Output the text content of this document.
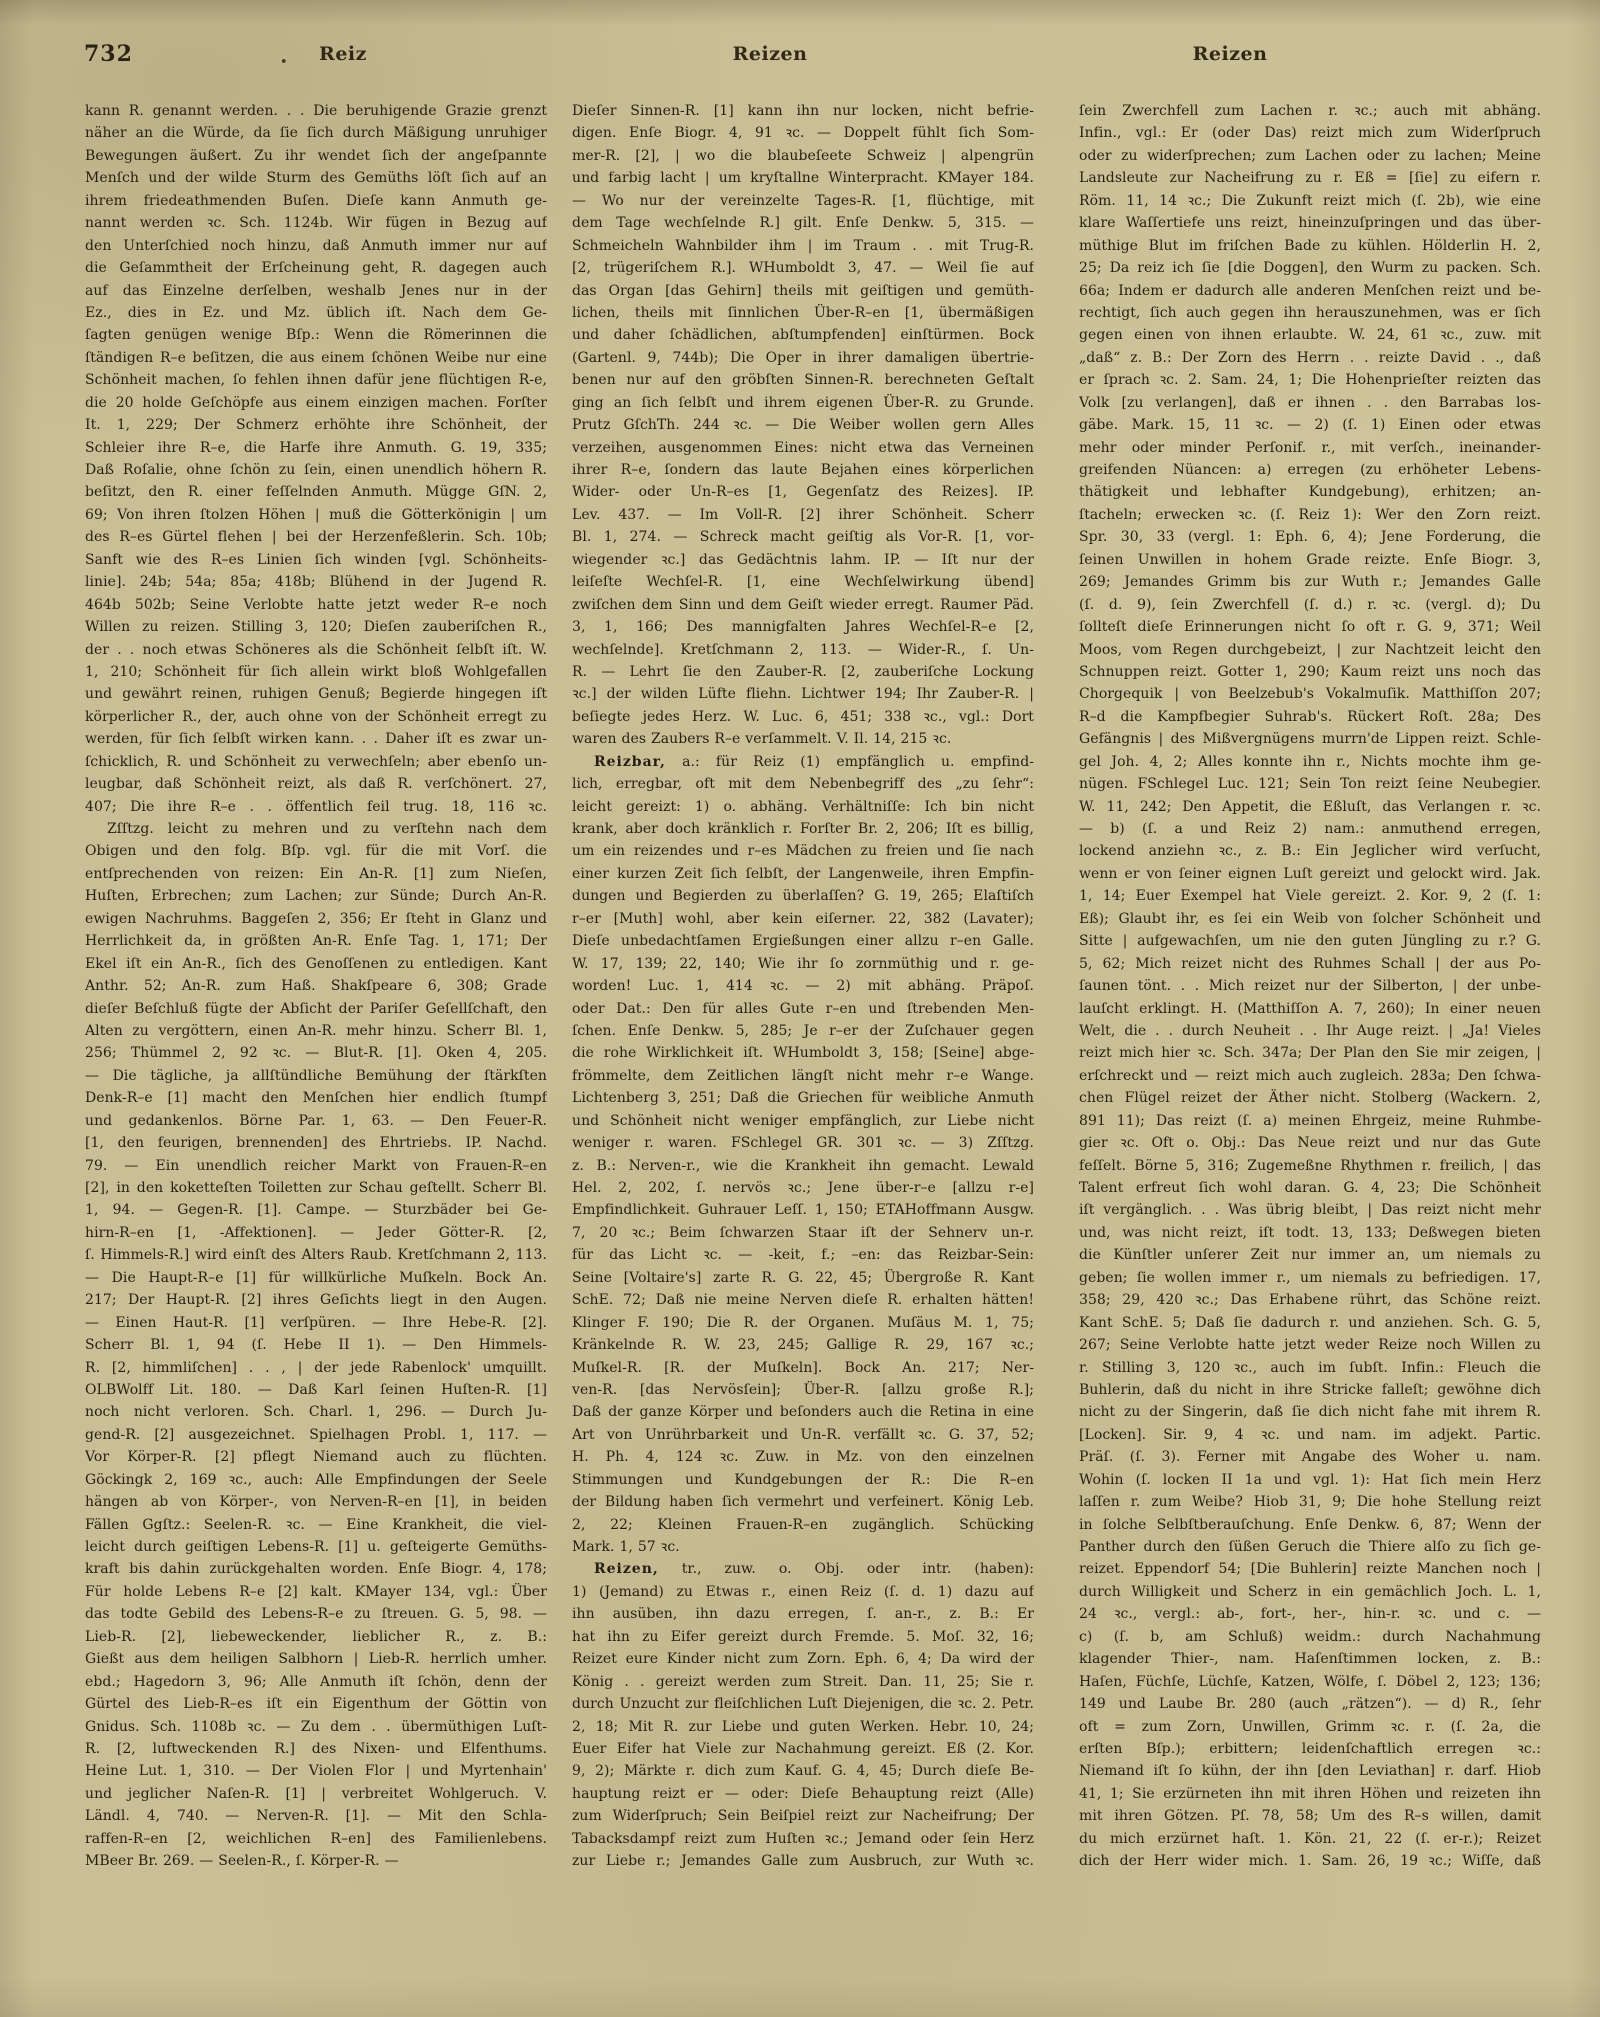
732	• Reiz	Reizen	Reizen
kann R. genannt werden. . . Die beruhigende Grazie grenzt
näher an die Würde, da ſie ſich durch Mäßigung unruhiger
Bewegungen äußert. Zu ihr wendet ſich der angeſpannte
Menſch und der wilde Sturm des Gemüths löſt ſich auf an
ihrem friedeathmenden Buſen. Dieſe kann Anmuth ge-
nannt werden ꝛc. Sch. 1124b. Wir fügen in Bezug auf
den Unterſchied noch hinzu, daß Anmuth immer nur auf
die Geſammtheit der Erſcheinung geht, R. dagegen auch
auf das Einzelne derſelben, weshalb Jenes nur in der
Ez., dies in Ez. und Mz. üblich iſt. Nach dem Ge-
ſagten genügen wenige Bſp.: Wenn die Römerinnen die
ſtändigen R–e beſitzen, die aus einem ſchönen Weibe nur eine
Schönheit machen, ſo fehlen ihnen dafür jene flüchtigen R-e,
die 20 holde Geſchöpfe aus einem einzigen machen. Forſter
It. 1, 229; Der Schmerz erhöhte ihre Schönheit, der
Schleier ihre R–e, die Harfe ihre Anmuth. G. 19, 335;
Daß Roſalie, ohne ſchön zu ſein, einen unendlich höhern R.
beſitzt, den R. einer feſſelnden Anmuth. Mügge GſN. 2,
69; Von ihren ſtolzen Höhen | muß die Götterkönigin | um
des R–es Gürtel flehen | bei der Herzenfeßlerin. Sch. 10b;
Sanft wie des R–es Linien ſich winden [vgl. Schönheits-
linie]. 24b; 54a; 85a; 418b; Blühend in der Jugend R.
464b 502b; Seine Verlobte hatte jetzt weder R–e noch
Willen zu reizen. Stilling 3, 120; Dieſen zauberiſchen R.,
der . . noch etwas Schöneres als die Schönheit ſelbſt iſt. W.
1, 210; Schönheit für ſich allein wirkt bloß Wohlgefallen
und gewährt reinen, ruhigen Genuß; Begierde hingegen iſt
körperlicher R., der, auch ohne von der Schönheit erregt zu
werden, für ſich ſelbſt wirken kann. . . Daher iſt es zwar un-
ſchicklich, R. und Schönheit zu verwechſeln; aber ebenſo un-
leugbar, daß Schönheit reizt, als daß R. verſchönert. 27,
407; Die ihre R–e . . öffentlich feil trug. 18, 116 ꝛc.
Zſſtzg. leicht zu mehren und zu verſtehn nach dem
Obigen und den folg. Bſp. vgl. für die mit Vorſ. die
entſprechenden von reizen: Ein An-R. [1] zum Nieſen,
Huſten, Erbrechen; zum Lachen; zur Sünde; Durch An-R.
ewigen Nachruhms. Baggeſen 2, 356; Er ſteht in Glanz und
Herrlichkeit da, in größten An-R. Enſe Tag. 1, 171; Der
Ekel iſt ein An-R., ſich des Genoſſenen zu entledigen. Kant
Anthr. 52; An-R. zum Haß. Shakſpeare 6, 308; Grade
dieſer Beſchluß fügte der Abſicht der Pariſer Geſellſchaft, den
Alten zu vergöttern, einen An-R. mehr hinzu. Scherr Bl. 1,
256; Thümmel 2, 92 ꝛc. — Blut-R. [1]. Oken 4, 205.
— Die tägliche, ja allſtündliche Bemühung der ſtärkſten
Denk-R–e [1] macht den Menſchen hier endlich ſtumpf
und gedankenlos. Börne Par. 1, 63. — Den Feuer-R.
[1, den feurigen, brennenden] des Ehrtriebs. IP. Nachd.
79. — Ein unendlich reicher Markt von Frauen-R–en
[2], in den koketteſten Toiletten zur Schau geſtellt. Scherr Bl.
1, 94. — Gegen-R. [1]. Campe. — Sturzbäder bei Ge-
hirn-R–en [1, -Affektionen]. — Jeder Götter-R. [2,
ſ. Himmels-R.] wird einſt des Alters Raub. Kretſchmann 2, 113.
— Die Haupt-R–e [1] für willkürliche Muſkeln. Bock An.
217; Der Haupt-R. [2] ihres Geſichts liegt in den Augen.
— Einen Haut-R. [1] verſpüren. — Ihre Hebe-R. [2].
Scherr Bl. 1, 94 (ſ. Hebe II 1). — Den Himmels-
R. [2, himmliſchen] . . , | der jede Rabenlock' umquillt.
OLBWolff Lit. 180. — Daß Karl ſeinen Huſten-R. [1]
noch nicht verloren. Sch. Charl. 1, 296. — Durch Ju-
gend-R. [2] ausgezeichnet. Spielhagen Probl. 1, 117. —
Vor Körper-R. [2] pflegt Niemand auch zu flüchten.
Göckingk 2, 169 ꝛc., auch: Alle Empfindungen der Seele
hängen ab von Körper-, von Nerven-R–en [1], in beiden
Fällen Ggſtz.: Seelen-R. ꝛc. — Eine Krankheit, die viel-
leicht durch geiſtigen Lebens-R. [1] u. geſteigerte Gemüths-
kraft bis dahin zurückgehalten worden. Enſe Biogr. 4, 178;
Für holde Lebens R–e [2] kalt. KMayer 134, vgl.: Über
das todte Gebild des Lebens-R–e zu ſtreuen. G. 5, 98. —
Lieb-R. [2], liebeweckender, lieblicher R., z. B.:
Gießt aus dem heiligen Salbhorn | Lieb-R. herrlich umher.
ebd.; Hagedorn 3, 96; Alle Anmuth iſt ſchön, denn der
Gürtel des Lieb-R–es iſt ein Eigenthum der Göttin von
Gnidus. Sch. 1108b ꝛc. — Zu dem . . übermüthigen Luſt-
R. [2, luftweckenden R.] des Nixen- und Elfenthums.
Heine Lut. 1, 310. — Der Violen Flor | und Myrtenhain'
und jeglicher Naſen-R. [1] | verbreitet Wohlgeruch. V.
Ländl. 4, 740. — Nerven-R. [1]. — Mit den Schla-
raffen-R–en [2, weichlichen R–en] des Familienlebens.
MBeer Br. 269. — Seelen-R., ſ. Körper-R. —
Dieſer Sinnen-R. [1] kann ihn nur locken, nicht befrie-
digen. Enſe Biogr. 4, 91 ꝛc. — Doppelt fühlt ſich Som-
mer-R. [2], | wo die blaubeſeete Schweiz | alpengrün
und farbig lacht | um kryſtallne Winterpracht. KMayer 184.
— Wo nur der vereinzelte Tages-R. [1, flüchtige, mit
dem Tage wechſelnde R.] gilt. Enſe Denkw. 5, 315. —
Schmeicheln Wahnbilder ihm | im Traum . . mit Trug-R.
[2, trügeriſchem R.]. WHumboldt 3, 47. — Weil ſie auf
das Organ [das Gehirn] theils mit geiſtigen und gemüth-
lichen, theils mit ſinnlichen Über-R–en [1, übermäßigen
und daher ſchädlichen, abſtumpfenden] einſtürmen. Bock
(Gartenl. 9, 744b); Die Oper in ihrer damaligen übertrie-
benen nur auf den gröbſten Sinnen-R. berechneten Geſtalt
ging an ſich ſelbſt und ihrem eigenen Über-R. zu Grunde.
Prutz GſchTh. 244 ꝛc. — Die Weiber wollen gern Alles
verzeihen, ausgenommen Eines: nicht etwa das Verneinen
ihrer R–e, ſondern das laute Bejahen eines körperlichen
Wider- oder Un-R–es [1, Gegenſatz des Reizes]. IP.
Lev. 437. — Im Voll-R. [2] ihrer Schönheit. Scherr
Bl. 1, 274. — Schreck macht geiſtig als Vor-R. [1, vor-
wiegender ꝛc.] das Gedächtnis lahm. IP. — Iſt nur der
leiſeſte Wechſel-R. [1, eine Wechſelwirkung übend]
zwiſchen dem Sinn und dem Geiſt wieder erregt. Raumer Päd.
3, 1, 166; Des mannigfalten Jahres Wechſel-R–e [2,
wechſelnde]. Kretſchmann 2, 113. — Wider-R., ſ. Un-
R. — Lehrt ſie den Zauber-R. [2, zauberiſche Lockung
ꝛc.] der wilden Lüfte fliehn. Lichtwer 194; Ihr Zauber-R. |
beſiegte jedes Herz. W. Luc. 6, 451; 338 ꝛc., vgl.: Dort
waren des Zaubers R–e verſammelt. V. Il. 14, 215 ꝛc.
Reizbar, a.: für Reiz (1) empfänglich u. empfind-
lich, erregbar, oft mit dem Nebenbegriff des „zu ſehr“:
leicht gereizt: 1) o. abhäng. Verhältniſſe: Ich bin nicht
krank, aber doch kränklich r. Forſter Br. 2, 206; Iſt es billig,
um ein reizendes und r–es Mädchen zu freien und ſie nach
einer kurzen Zeit ſich ſelbſt, der Langenweile, ihren Empfin-
dungen und Begierden zu überlaſſen? G. 19, 265; Elaſtiſch
r–er [Muth] wohl, aber kein eiſerner. 22, 382 (Lavater);
Dieſe unbedachtſamen Ergießungen einer allzu r–en Galle.
W. 17, 139; 22, 140; Wie ihr ſo zornmüthig und r. ge-
worden! Luc. 1, 414 ꝛc. — 2) mit abhäng. Präpoſ.
oder Dat.: Den für alles Gute r–en und ſtrebenden Men-
ſchen. Enſe Denkw. 5, 285; Je r–er der Zuſchauer gegen
die rohe Wirklichkeit iſt. WHumboldt 3, 158; [Seine] abge-
frömmelte, dem Zeitlichen längſt nicht mehr r–e Wange.
Lichtenberg 3, 251; Daß die Griechen für weibliche Anmuth
und Schönheit nicht weniger empfänglich, zur Liebe nicht
weniger r. waren. FSchlegel GR. 301 ꝛc. — 3) Zſſtzg.
z. B.: Nerven-r., wie die Krankheit ihn gemacht. Lewald
Hel. 2, 202, ſ. nervös ꝛc.; Jene über-r–e [allzu r-e]
Empfindlichkeit. Guhrauer Leſſ. 1, 150; ETAHoffmann Ausgw.
7, 20 ꝛc.; Beim ſchwarzen Staar iſt der Sehnerv un-r.
für das Licht ꝛc. — -keit, f.; –en: das Reizbar-Sein:
Seine [Voltaire's] zarte R. G. 22, 45; Übergroße R. Kant
SchE. 72; Daß nie meine Nerven dieſe R. erhalten hätten!
Klinger F. 190; Die R. der Organen. Muſäus M. 1, 75;
Kränkelnde R. W. 23, 245; Gallige R. 29, 167 ꝛc.;
Muſkel-R. [R. der Muſkeln]. Bock An. 217; Ner-
ven-R. [das Nervösſein]; Über-R. [allzu große R.];
Daß der ganze Körper und beſonders auch die Retina in eine
Art von Unrührbarkeit und Un-R. verfällt ꝛc. G. 37, 52;
H. Ph. 4, 124 ꝛc. Zuw. in Mz. von den einzelnen
Stimmungen und Kundgebungen der R.: Die R–en
der Bildung haben ſich vermehrt und verfeinert. König Leb.
2, 22; Kleinen Frauen-R–en zugänglich. Schücking
Mark. 1, 57 ꝛc.
Reizen, tr., zuw. o. Obj. oder intr. (haben):
1) (Jemand) zu Etwas r., einen Reiz (ſ. d. 1) dazu auf
ihn ausüben, ihn dazu erregen, ſ. an-r., z. B.: Er
hat ihn zu Eifer gereizt durch Fremde. 5. Moſ. 32, 16;
Reizet eure Kinder nicht zum Zorn. Eph. 6, 4; Da wird der
König . . gereizt werden zum Streit. Dan. 11, 25; Sie r.
durch Unzucht zur fleiſchlichen Luſt Diejenigen, die ꝛc. 2. Petr.
2, 18; Mit R. zur Liebe und guten Werken. Hebr. 10, 24;
Euer Eifer hat Viele zur Nachahmung gereizt. Eß (2. Kor.
9, 2); Märkte r. dich zum Kauf. G. 4, 45; Durch dieſe Be-
hauptung reizt er — oder: Dieſe Behauptung reizt (Alle)
zum Widerſpruch; Sein Beiſpiel reizt zur Nacheifrung; Der
Tabacksdampf reizt zum Huſten ꝛc.; Jemand oder ſein Herz
zur Liebe r.; Jemandes Galle zum Ausbruch, zur Wuth ꝛc.
ſein Zwerchfell zum Lachen r. ꝛc.; auch mit abhäng.
Infin., vgl.: Er (oder Das) reizt mich zum Widerſpruch
oder zu widerſprechen; zum Lachen oder zu lachen; Meine
Landsleute zur Nacheifrung zu r. Eß = [ſie] zu eifern r.
Röm. 11, 14 ꝛc.; Die Zukunft reizt mich (ſ. 2b), wie eine
klare Waſſertiefe uns reizt, hineinzuſpringen und das über-
müthige Blut im friſchen Bade zu kühlen. Hölderlin H. 2,
25; Da reiz ich ſie [die Doggen], den Wurm zu packen. Sch.
66a; Indem er dadurch alle anderen Menſchen reizt und be-
rechtigt, ſich auch gegen ihn herauszunehmen, was er ſich
gegen einen von ihnen erlaubte. W. 24, 61 ꝛc., zuw. mit
„daß“ z. B.: Der Zorn des Herrn . . reizte David . ., daß
er ſprach ꝛc. 2. Sam. 24, 1; Die Hohenprieſter reizten das
Volk [zu verlangen], daß er ihnen . . den Barrabas los-
gäbe. Mark. 15, 11 ꝛc. — 2) (ſ. 1) Einen oder etwas
mehr oder minder Perſonif. r., mit verſch., ineinander-
greifenden Nüancen: a) erregen (zu erhöheter Lebens-
thätigkeit und lebhafter Kundgebung), erhitzen; an-
ſtacheln; erwecken ꝛc. (ſ. Reiz 1): Wer den Zorn reizt.
Spr. 30, 33 (vergl. 1: Eph. 6, 4); Jene Forderung, die
ſeinen Unwillen in hohem Grade reizte. Enſe Biogr. 3,
269; Jemandes Grimm bis zur Wuth r.; Jemandes Galle
(ſ. d. 9), ſein Zwerchfell (ſ. d.) r. ꝛc. (vergl. d); Du
ſollteſt dieſe Erinnerungen nicht ſo oft r. G. 9, 371; Weil
Moos, vom Regen durchgebeizt, | zur Nachtzeit leicht den
Schnuppen reizt. Gotter 1, 290; Kaum reizt uns noch das
Chorgequik | von Beelzebub's Vokalmuſik. Matthiſſon 207;
R–d die Kampfbegier Suhrab's. Rückert Roſt. 28a; Des
Gefängnis | des Mißvergnügens murrn'de Lippen reizt. Schle-
gel Joh. 4, 2; Alles konnte ihn r., Nichts mochte ihm ge-
nügen. FSchlegel Luc. 121; Sein Ton reizt ſeine Neubegier.
W. 11, 242; Den Appetit, die Eßluſt, das Verlangen r. ꝛc.
— b) (ſ. a und Reiz 2) nam.: anmuthend erregen,
lockend anziehn ꝛc., z. B.: Ein Jeglicher wird verſucht,
wenn er von ſeiner eignen Luſt gereizt und gelockt wird. Jak.
1, 14; Euer Exempel hat Viele gereizt. 2. Kor. 9, 2 (ſ. 1:
Eß); Glaubt ihr, es ſei ein Weib von ſolcher Schönheit und
Sitte | aufgewachſen, um nie den guten Jüngling zu r.? G.
5, 62; Mich reizet nicht des Ruhmes Schall | der aus Po-
ſaunen tönt. . . Mich reizet nur der Silberton, | der unbe-
lauſcht erklingt. H. (Matthiſſon A. 7, 260); In einer neuen
Welt, die . . durch Neuheit . . Ihr Auge reizt. | „Ja! Vieles
reizt mich hier ꝛc. Sch. 347a; Der Plan den Sie mir zeigen, |
erſchreckt und — reizt mich auch zugleich. 283a; Den ſchwa-
chen Flügel reizet der Äther nicht. Stolberg (Wackern. 2,
891 11); Das reizt (ſ. a) meinen Ehrgeiz, meine Ruhmbe-
gier ꝛc. Oft o. Obj.: Das Neue reizt und nur das Gute
feſſelt. Börne 5, 316; Zugemeßne Rhythmen r. freilich, | das
Talent erfreut ſich wohl daran. G. 4, 23; Die Schönheit
iſt vergänglich. . . Was übrig bleibt, | Das reizt nicht mehr
und, was nicht reizt, iſt todt. 13, 133; Deßwegen bieten
die Künſtler unſerer Zeit nur immer an, um niemals zu
geben; ſie wollen immer r., um niemals zu befriedigen. 17,
358; 29, 420 ꝛc.; Das Erhabene rührt, das Schöne reizt.
Kant SchE. 5; Daß ſie dadurch r. und anziehen. Sch. G. 5,
267; Seine Verlobte hatte jetzt weder Reize noch Willen zu
r. Stilling 3, 120 ꝛc., auch im ſubſt. Infin.: Fleuch die
Buhlerin, daß du nicht in ihre Stricke falleſt; gewöhne dich
nicht zu der Singerin, daß ſie dich nicht fahe mit ihrem R.
[Locken]. Sir. 9, 4 ꝛc. und nam. im adjekt. Partic.
Präſ. (ſ. 3). Ferner mit Angabe des Woher u. nam.
Wohin (ſ. locken II 1a und vgl. 1): Hat ſich mein Herz
laſſen r. zum Weibe? Hiob 31, 9; Die hohe Stellung reizt
in ſolche Selbſtberauſchung. Enſe Denkw. 6, 87; Wenn der
Panther durch den ſüßen Geruch die Thiere alſo zu ſich ge-
reizet. Eppendorf 54; [Die Buhlerin] reizte Manchen noch |
durch Willigkeit und Scherz in ein gemächlich Joch. L. 1,
24 ꝛc., vergl.: ab-, fort-, her-, hin-r. ꝛc. und c. —
c) (ſ. b, am Schluß) weidm.: durch Nachahmung
klagender Thier-, nam. Haſenſtimmen locken, z. B.:
Haſen, Füchſe, Lüchſe, Katzen, Wölfe, ſ. Döbel 2, 123; 136;
149 und Laube Br. 280 (auch „rätzen“). — d) R., ſehr
oft = zum Zorn, Unwillen, Grimm ꝛc. r. (ſ. 2a, die
erſten Bſp.); erbittern; leidenſchaftlich erregen ꝛc.:
Niemand iſt ſo kühn, der ihn [den Leviathan] r. darf. Hiob
41, 1; Sie erzürneten ihn mit ihren Höhen und reizeten ihn
mit ihren Götzen. Pſ. 78, 58; Um des R–s willen, damit
du mich erzürnet haſt. 1. Kön. 21, 22 (ſ. er-r.); Reizet
dich der Herr wider mich. 1. Sam. 26, 19 ꝛc.; Wiſſe, daß
